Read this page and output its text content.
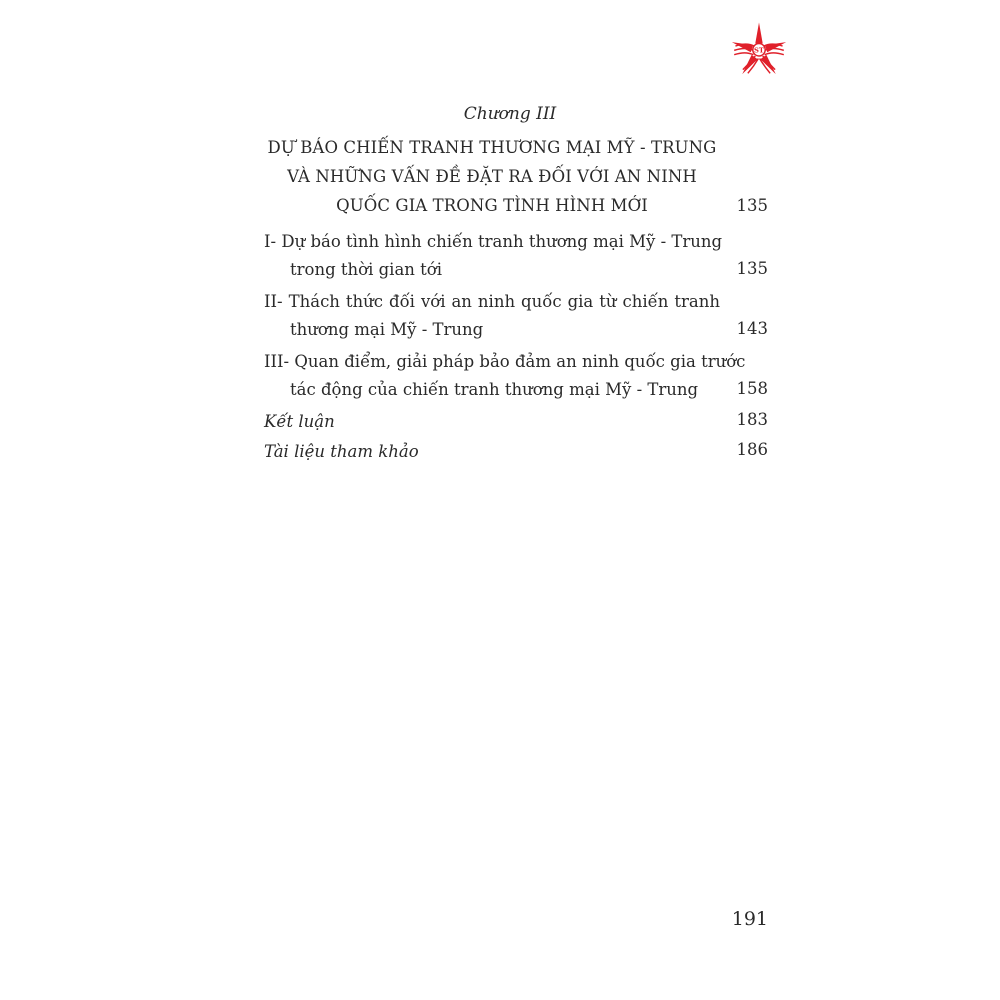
ST
Chương III
DỰ BÁO CHIẾN TRANH THƯƠNG MẠI MỸ - TRUNG
VÀ NHỮNG VẤN ĐỀ ĐẶT RA ĐỐI VỚI AN NINH
QUỐC GIA TRONG TÌNH HÌNH MỚI	135
I- Dự báo tình hình chiến tranh thương mại Mỹ - Trung
trong thời gian tới	135
II- Thách thức đối với an ninh quốc gia từ chiến tranh
thương mại Mỹ - Trung	143
III- Quan điểm, giải pháp bảo đảm an ninh quốc gia trước
tác động của chiến tranh thương mại Mỹ - Trung	158
Kết luận	183
Tài liệu tham khảo	186
191
